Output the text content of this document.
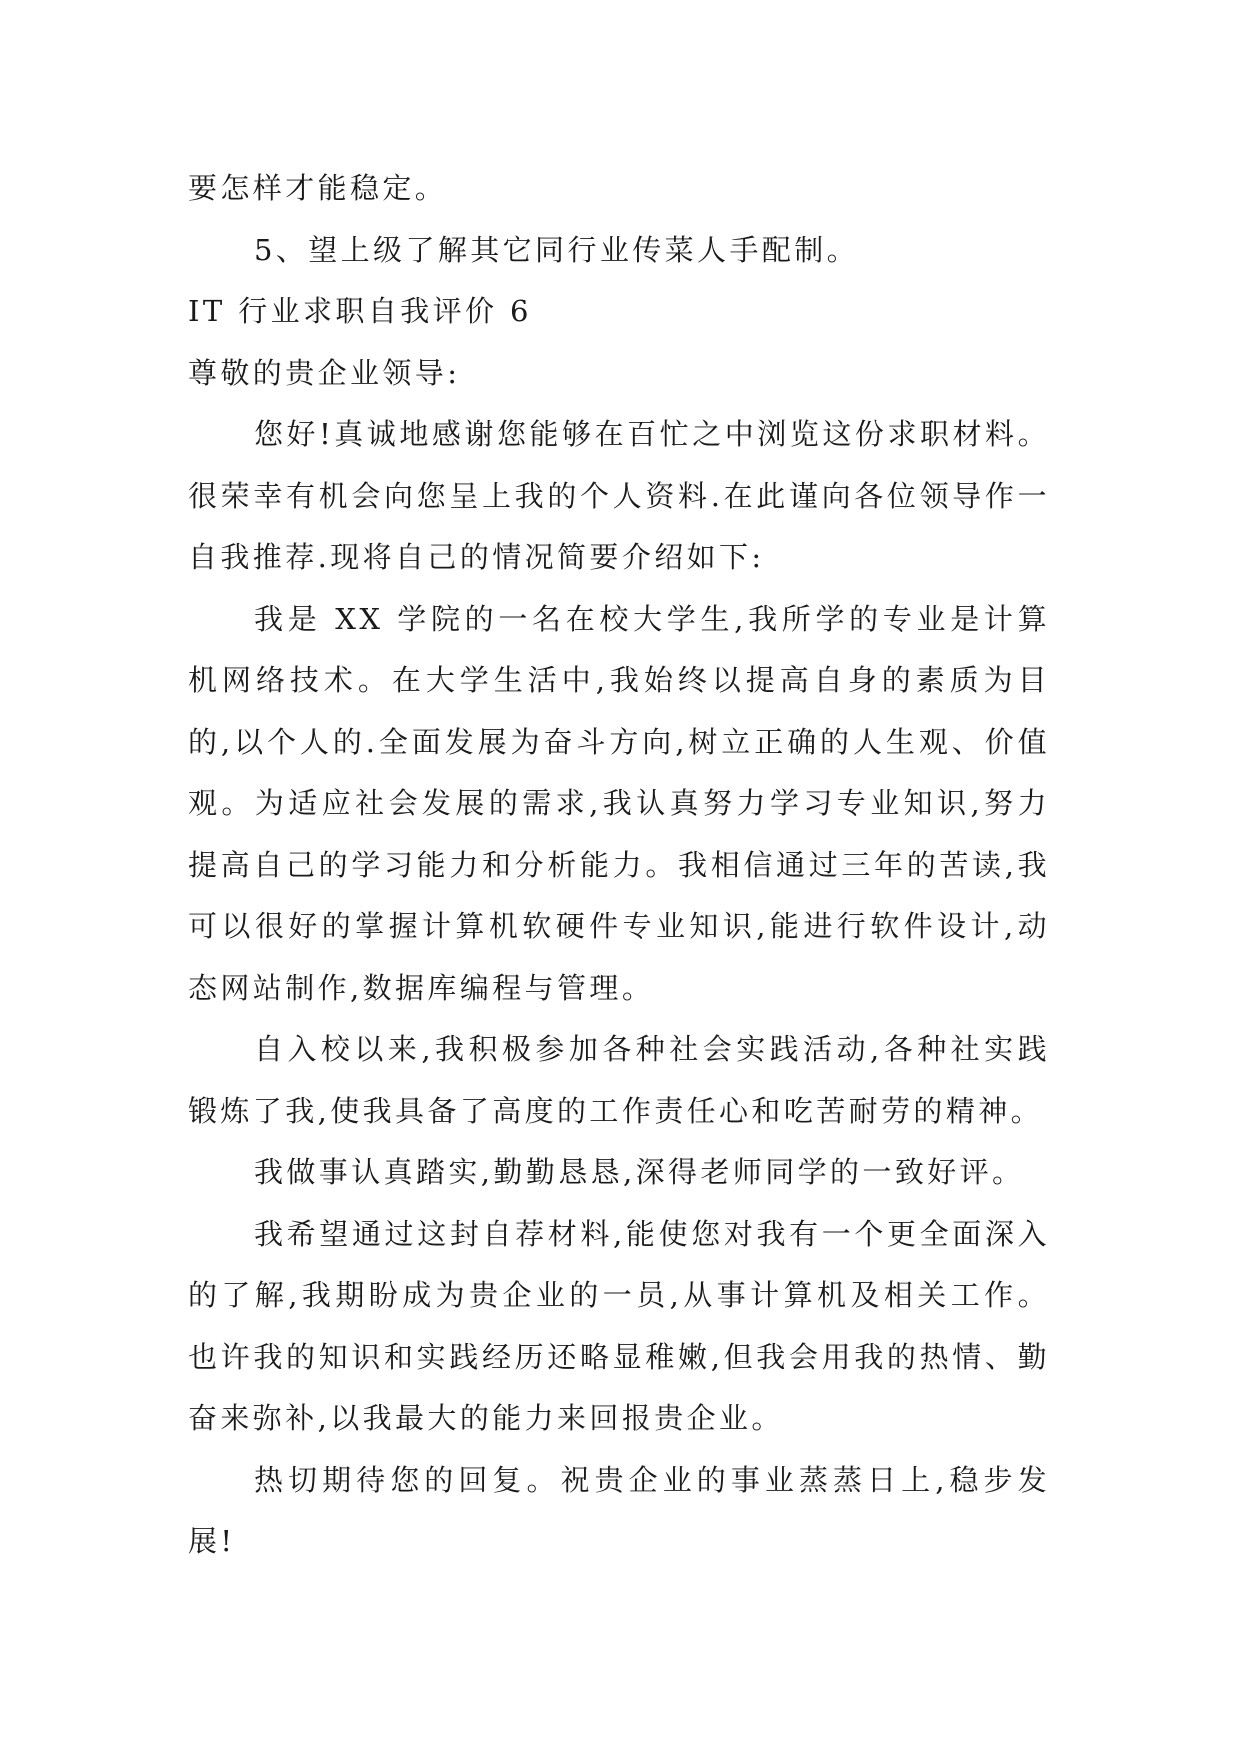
要怎样才能稳定。

5、望上级了解其它同行业传菜人手配制。

IT 行业求职自我评价 6

尊敬的贵企业领导:

您好!真诚地感谢您能够在百忙之中浏览这份求职材料。很荣幸有机会向您呈上我的个人资料.在此谨向各位领导作一自我推荐.现将自己的情况简要介绍如下:

我是 XX 学院的一名在校大学生,我所学的专业是计算机网络技术。在大学生活中,我始终以提高自身的素质为目的,以个人的.全面发展为奋斗方向,树立正确的人生观、价值观。为适应社会发展的需求,我认真努力学习专业知识,努力提高自己的学习能力和分析能力。我相信通过三年的苦读,我可以很好的掌握计算机软硬件专业知识,能进行软件设计,动态网站制作,数据库编程与管理。

自入校以来,我积极参加各种社会实践活动,各种社实践锻炼了我,使我具备了高度的工作责任心和吃苦耐劳的精神。

我做事认真踏实,勤勤恳恳,深得老师同学的一致好评。

我希望通过这封自荐材料,能使您对我有一个更全面深入的了解,我期盼成为贵企业的一员,从事计算机及相关工作。也许我的知识和实践经历还略显稚嫩,但我会用我的热情、勤奋来弥补,以我最大的能力来回报贵企业。

热切期待您的回复。祝贵企业的事业蒸蒸日上,稳步发展!
